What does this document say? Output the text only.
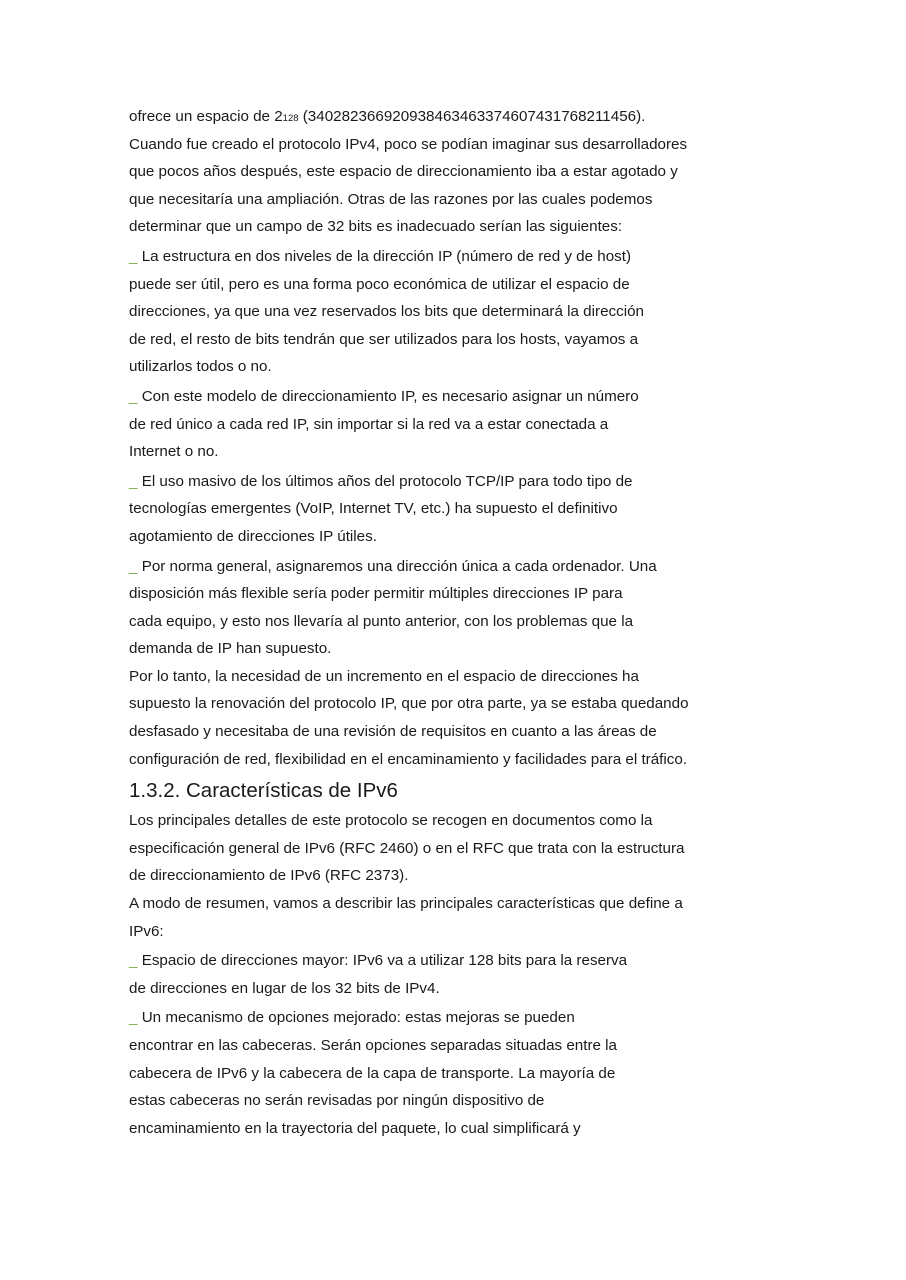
ofrece un espacio de 2128 (340282366920938463463374607431768211456).
Cuando fue creado el protocolo IPv4, poco se podían imaginar sus desarrolladores
que pocos años después, este espacio de direccionamiento iba a estar agotado y
que necesitaría una ampliación. Otras de las razones por las cuales podemos
determinar que un campo de 32 bits es inadecuado serían las siguientes:
_ La estructura en dos niveles de la dirección IP (número de red y de host)
puede ser útil, pero es una forma poco económica de utilizar el espacio de
direcciones, ya que una vez reservados los bits que determinará la dirección
de red, el resto de bits tendrán que ser utilizados para los hosts, vayamos a
utilizarlos todos o no.
_ Con este modelo de direccionamiento IP, es necesario asignar un número
de red único a cada red IP, sin importar si la red va a estar conectada a
Internet o no.
_ El uso masivo de los últimos años del protocolo TCP/IP para todo tipo de
tecnologías emergentes (VoIP, Internet TV, etc.) ha supuesto el definitivo
agotamiento de direcciones IP útiles.
_ Por norma general, asignaremos una dirección única a cada ordenador. Una
disposición más flexible sería poder permitir múltiples direcciones IP para
cada equipo, y esto nos llevaría al punto anterior, con los problemas que la
demanda de IP han supuesto.
Por lo tanto, la necesidad de un incremento en el espacio de direcciones ha
supuesto la renovación del protocolo IP, que por otra parte, ya se estaba quedando
desfasado y necesitaba de una revisión de requisitos en cuanto a las áreas de
configuración de red, flexibilidad en el encaminamiento y facilidades para el tráfico.
1.3.2. Características de IPv6
Los principales detalles de este protocolo se recogen en documentos como la
especificación general de IPv6 (RFC 2460) o en el RFC que trata con la estructura
de direccionamiento de IPv6 (RFC 2373).
A modo de resumen, vamos a describir las principales características que define a
IPv6:
_ Espacio de direcciones mayor: IPv6 va a utilizar 128 bits para la reserva
de direcciones en lugar de los 32 bits de IPv4.
_ Un mecanismo de opciones mejorado: estas mejoras se pueden
encontrar en las cabeceras. Serán opciones separadas situadas entre la
cabecera de IPv6 y la cabecera de la capa de transporte. La mayoría de
estas cabeceras no serán revisadas por ningún dispositivo de
encaminamiento en la trayectoria del paquete, lo cual simplificará y
